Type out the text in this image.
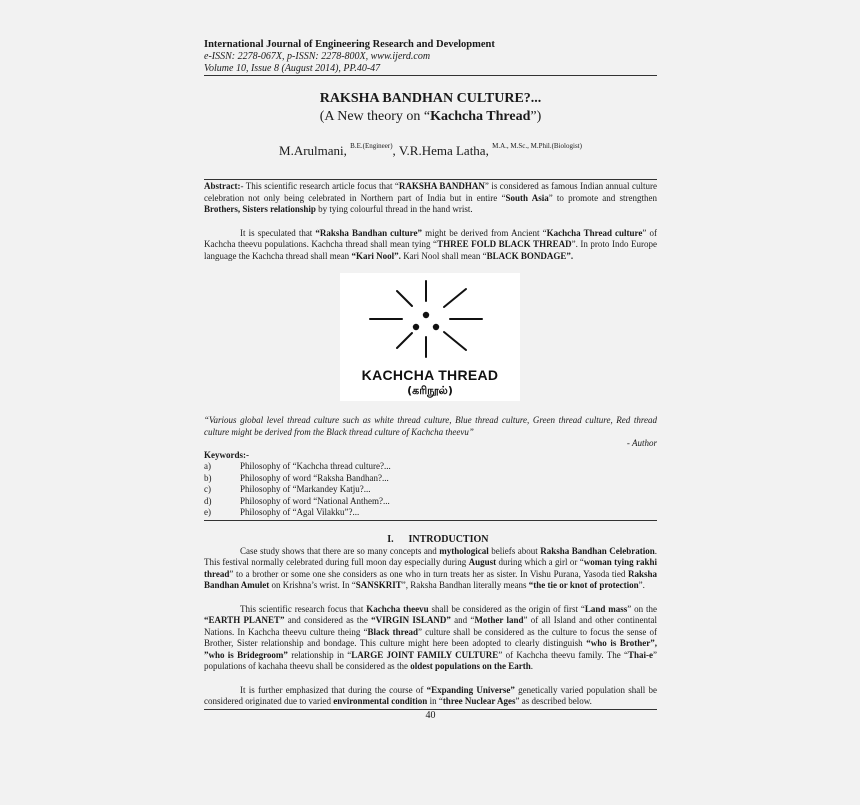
International Journal of Engineering Research and Development
e-ISSN: 2278-067X, p-ISSN: 2278-800X, www.ijerd.com
Volume 10, Issue 8 (August 2014), PP.40-47
RAKSHA BANDHAN CULTURE?...
(A New theory on “Kachcha Thread”)
M.Arulmani, $^{B.E.(Engineer)}$, V.R.Hema Latha, $^{M.A., M.Sc., M.Phil.(Biologist)}$
Abstract:- This scientific research article focus that “RAKSHA BANDHAN” is considered as famous Indian annual culture celebration not only being celebrated in Northern part of India but in entire “South Asia” to promote and strengthen Brothers, Sisters relationship by tying colourful thread in the hand wrist.
It is speculated that “Raksha Bandhan culture” might be derived from Ancient “Kachcha Thread culture” of Kachcha theevu populations. Kachcha thread shall mean tying “THREE FOLD BLACK THREAD”. In proto Indo Europe language the Kachcha thread shall mean “Kari Nool”. Kari Nool shall mean “BLACK BONDAGE”.
KACHCHA THREAD
(கரிநூல்)
“Various global level thread culture such as white thread culture, Blue thread culture, Green thread culture, Red thread culture might be derived from the Black thread culture of Kachcha theevu”
- Author
Keywords:-
a)	Philosophy of “Kachcha thread culture?...
b)	Philosophy of word “Raksha Bandhan?...
c)	Philosophy of “Markandey Katju?...
d)	Philosophy of word “National Anthem?...
e)	Philosophy of “Agal Vilakku”?...
I. INTRODUCTION
Case study shows that there are so many concepts and mythological beliefs about Raksha Bandhan Celebration. This festival normally celebrated during full moon day especially during August during which a girl or “woman tying rakhi thread” to a brother or some one she considers as one who in turn treats her as sister. In Vishu Purana, Yasoda tied Raksha Bandhan Amulet on Krishna’s wrist. In “SANSKRIT”, Raksha Bandhan literally means “the tie or knot of protection”.
This scientific research focus that Kachcha theevu shall be considered as the origin of first “Land mass” on the “EARTH PLANET” and considered as the “VIRGIN ISLAND” and “Mother land” of all Island and other continental Nations. In Kachcha theevu culture theing “Black thread” culture shall be considered as the culture to focus the sense of Brother, Sister relationship and bondage. This culture might here been adopted to clearly distinguish “who is Brother”, ”who is Bridegroom” relationship in “LARGE JOINT FAMILY CULTURE” of Kachcha theevu family. The “Thai-e” populations of kachaha theevu shall be considered as the oldest populations on the Earth.
It is further emphasized that during the course of “Expanding Universe” genetically varied population shall be considered originated due to varied environmental condition in “three Nuclear Ages” as described below.
40
